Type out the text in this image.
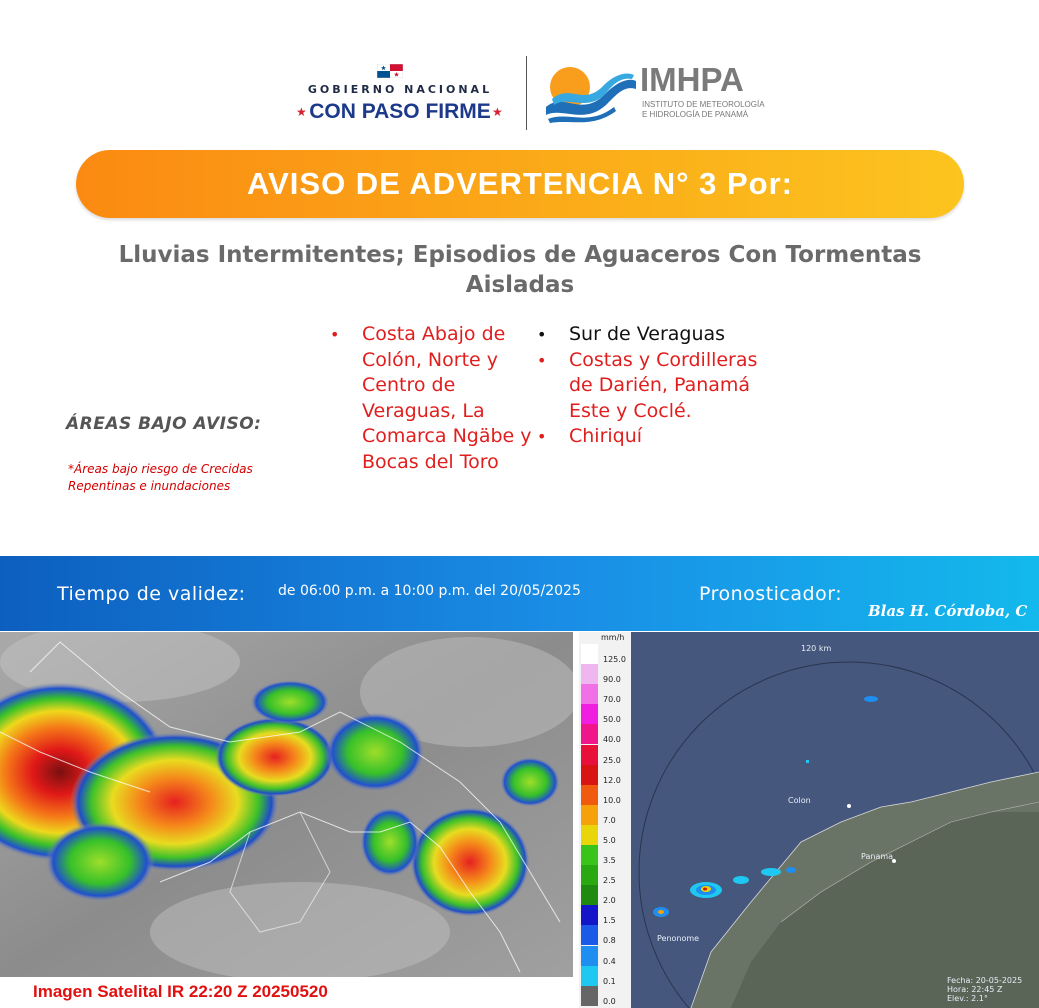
GOBIERNO NACIONAL
★ CON PASO FIRME ★
IMHPA
INSTITUTO DE METEOROLOGÍA
E HIDROLOGÍA DE PANAMÁ
AVISO DE ADVERTENCIA N° 3 Por:
Lluvias Intermitentes; Episodios de Aguaceros Con Tormentas Aisladas
ÁREAS BAJO AVISO:
*Áreas bajo riesgo de Crecidas Repentinas e inundaciones
• Costa Abajo de Colón, Norte y Centro de Veraguas, La Comarca Ngäbe y Bocas del Toro
• Sur de Veraguas
• Costas y Cordilleras de Darién, Panamá Este y Coclé.
• Chiriquí
Tiempo de validez: de 06:00 p.m. a 10:00 p.m. del 20/05/2025	Pronosticador:
Blas H. Córdoba, C
Imagen Satelital IR 22:20 Z 20250520
mm/h
125.0
90.0
70.0
50.0
40.0
25.0
12.0
10.0
7.0
5.0
3.5
2.5
2.0
1.5
0.8
0.4
0.1
0.0
120 km
Colon
Panama
Penonome
Fecha: 20-05-2025
Hora: 22:45 Z
Elev.: 2.1°
